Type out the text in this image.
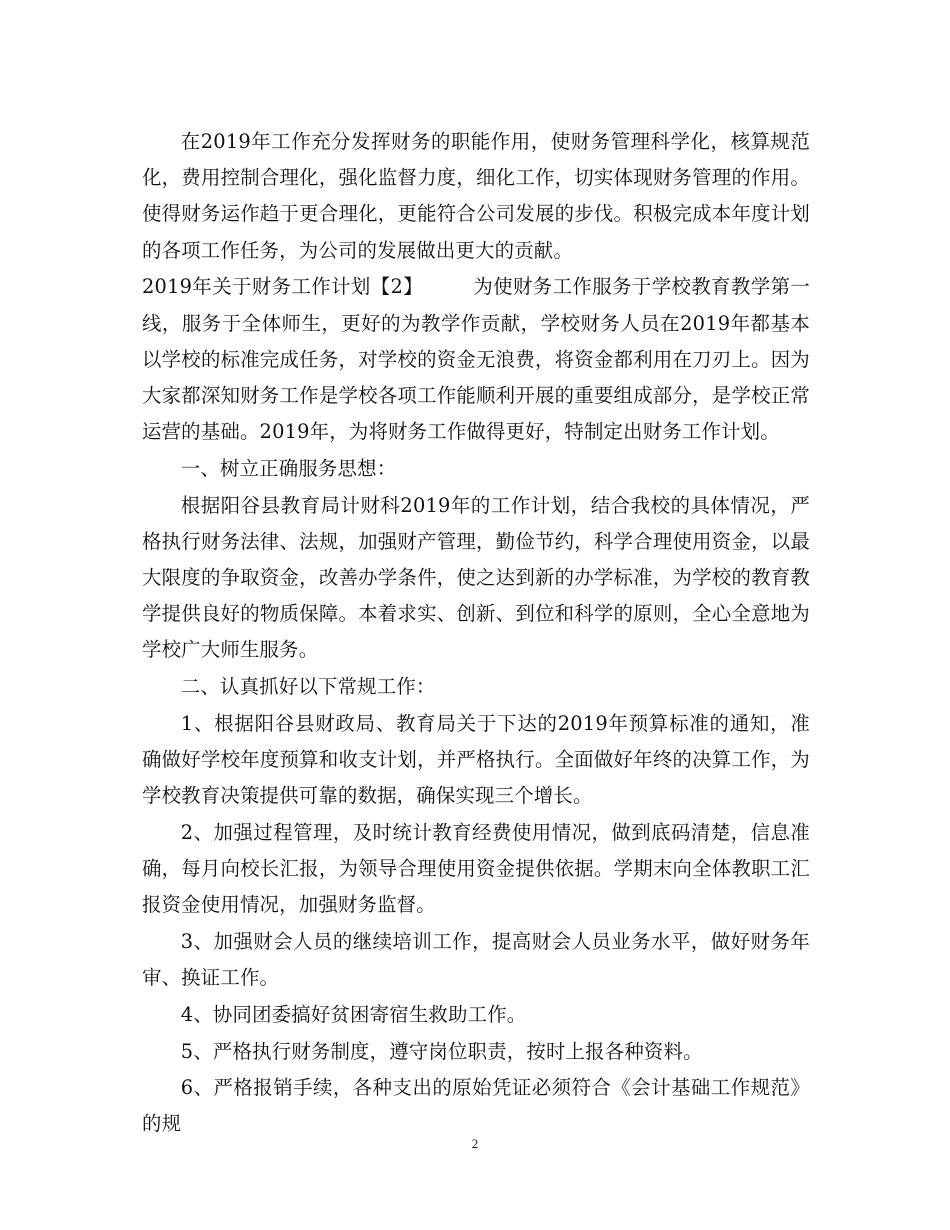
在2019年工作充分发挥财务的职能作用，使财务管理科学化，核算规范化，费用控制合理化，强化监督力度，细化工作，切实体现财务管理的作用。使得财务运作趋于更合理化，更能符合公司发展的步伐。积极完成本年度计划的各项工作任务，为公司的发展做出更大的贡献。

2019年关于财务工作计划【2】	为使财务工作服务于学校教育教学第一线，服务于全体师生，更好的为教学作贡献，学校财务人员在2019年都基本以学校的标准完成任务，对学校的资金无浪费，将资金都利用在刀刃上。因为大家都深知财务工作是学校各项工作能顺利开展的重要组成部分，是学校正常运营的基础。2019年，为将财务工作做得更好，特制定出财务工作计划。

一、树立正确服务思想：

根据阳谷县教育局计财科2019年的工作计划，结合我校的具体情况，严格执行财务法律、法规，加强财产管理，勤俭节约，科学合理使用资金，以最大限度的争取资金，改善办学条件，使之达到新的办学标准，为学校的教育教学提供良好的物质保障。本着求实、创新、到位和科学的原则，全心全意地为学校广大师生服务。

二、认真抓好以下常规工作：

1、根据阳谷县财政局、教育局关于下达的2019年预算标准的通知，准确做好学校年度预算和收支计划，并严格执行。全面做好年终的决算工作，为学校教育决策提供可靠的数据，确保实现三个增长。

2、加强过程管理，及时统计教育经费使用情况，做到底码清楚，信息准确，每月向校长汇报，为领导合理使用资金提供依据。学期末向全体教职工汇报资金使用情况，加强财务监督。

3、加强财会人员的继续培训工作，提高财会人员业务水平，做好财务年审、换证工作。

4、协同团委搞好贫困寄宿生救助工作。

5、严格执行财务制度，遵守岗位职责，按时上报各种资料。

6、严格报销手续，各种支出的原始凭证必须符合《会计基础工作规范》的规

2
